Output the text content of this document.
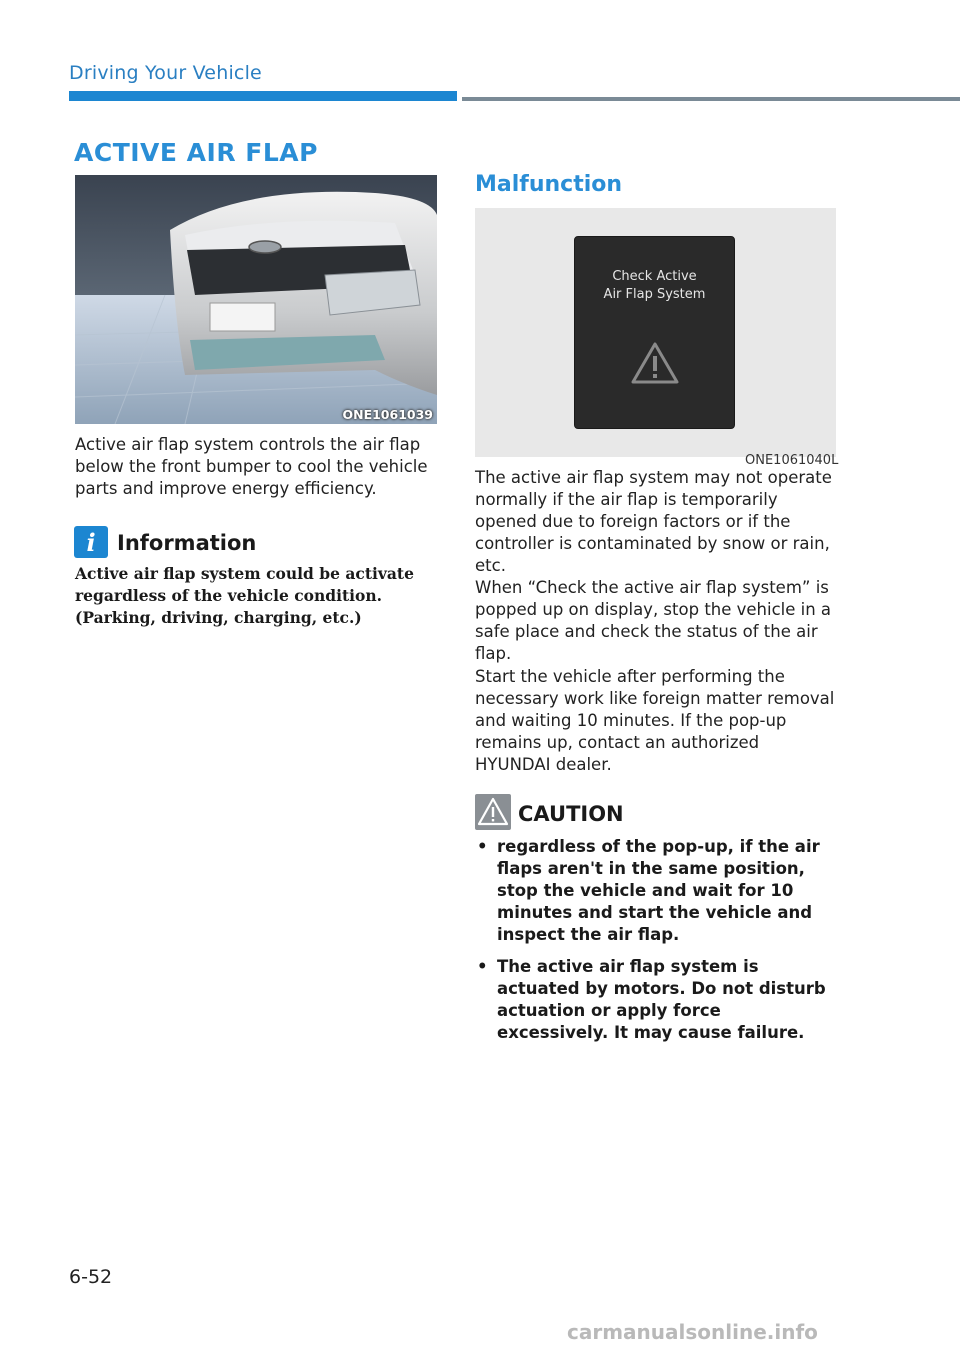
Driving Your Vehicle
ACTIVE AIR FLAP
ONE1061039
Active air flap system controls the air flap below the front bumper to cool the vehicle parts and improve energy efficiency.
i Information
Active air flap system could be activate regardless of the vehicle condition.(Parking, driving, charging, etc.)
Malfunction
Check Active
Air Flap System
ONE1061040L
The active air flap system may not operate normally if the air flap is temporarily opened due to foreign factors or if the controller is contaminated by snow or rain, etc.
When “Check the active air flap system” is popped up on display, stop the vehicle in a safe place and check the status of the air flap.
Start the vehicle after performing the necessary work like foreign matter removal and waiting 10 minutes. If the pop-up remains up, contact an authorized HYUNDAI dealer.
CAUTION
• regardless of the pop-up, if the air flaps aren't in the same position, stop the vehicle and wait for 10 minutes and start the vehicle and inspect the air flap.
• The active air flap system is actuated by motors. Do not disturb actuation or apply force excessively. It may cause failure.
6-52
carmanualsonline.info
